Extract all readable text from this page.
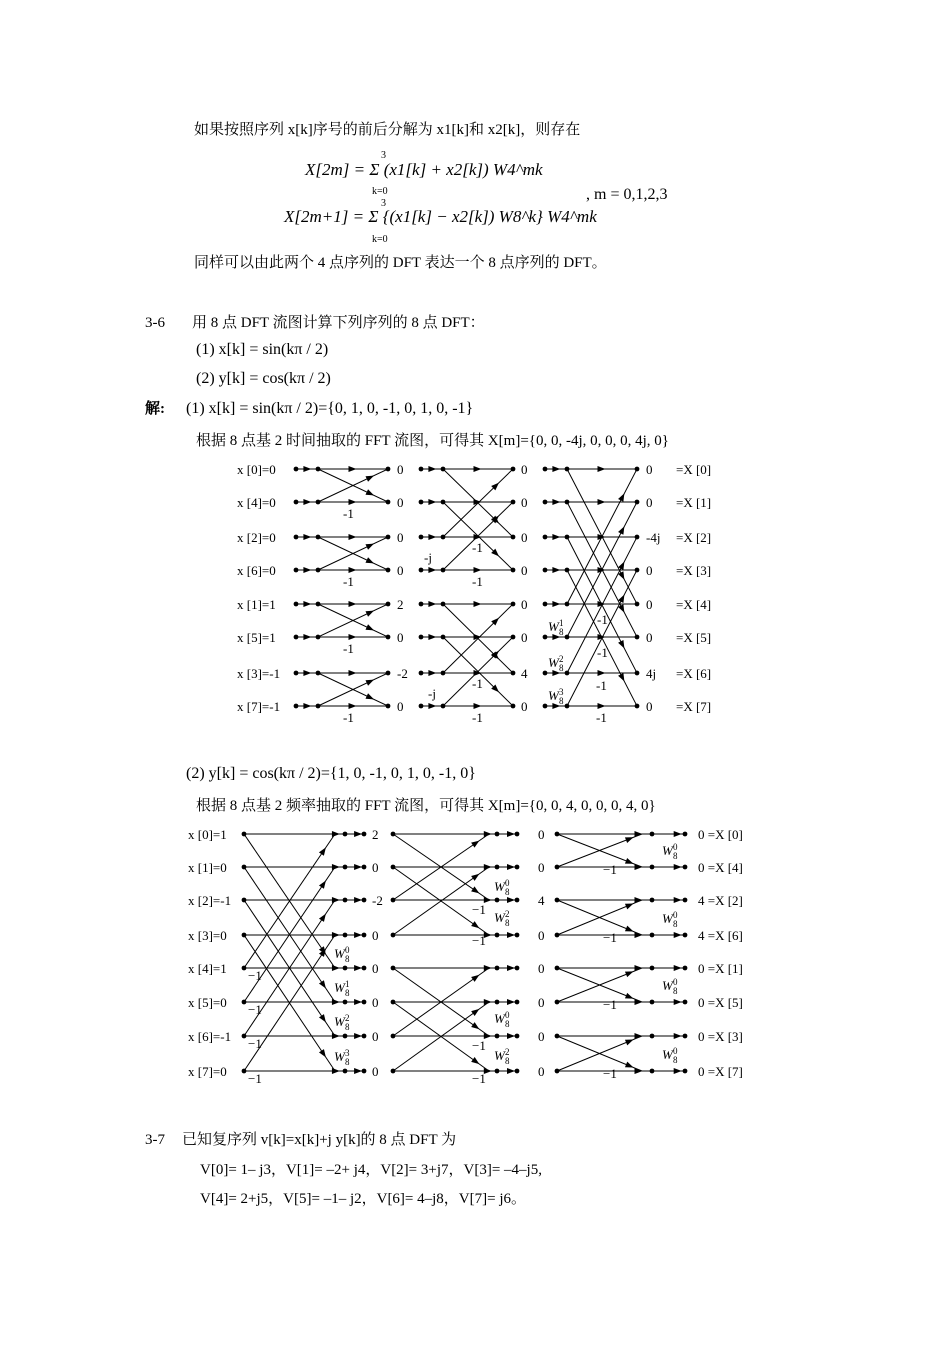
如果按照序列 x[k]序号的前后分解为 x1[k]和 x2[k]，则存在
X[2m] = Σ (x1[k] + x2[k]) W4^mk
3
k=0
X[2m+1] = Σ {(x1[k] − x2[k]) W8^k} W4^mk
3
k=0
, m = 0,1,2,3
同样可以由此两个 4 点序列的 DFT 表达一个 8 点序列的 DFT。
3-6 用 8 点 DFT 流图计算下列序列的 8 点 DFT：
(1) x[k] = sin(kπ / 2)
(2) y[k] = cos(kπ / 2)
解: (1) x[k] = sin(kπ / 2)={0, 1, 0, -1, 0, 1, 0, -1}
根据 8 点基 2 时间抽取的 FFT 流图，可得其 X[m]={0, 0, -4j, 0, 0, 0, 4j, 0}
x [0]=0	0	0	0 =X [0]
x [4]=0	0	0	0 =X [1]
x [2]=0	0	0	-4j =X [2]
x [6]=0	0	0	0 =X [3]
x [1]=1	2	0	0 =X [4]
x [5]=1	0	0	0 =X [5]
x [3]=-1	-2	4	4j =X [6]
x [7]=-1	0	0	0 =X [7]
-1
-1
-1
-1
-1
-1
-1
-1
-j
-j
-1
-1
-1
-1
W 1
8
W 2
8
W 3
8
(2) y[k] = cos(kπ / 2)={1, 0, -1, 0, 1, 0, -1, 0}
根据 8 点基 2 频率抽取的 FFT 流图，可得其 X[m]={0, 0, 4, 0, 0, 0, 4, 0}
x [0]=1	2	0	0 =X [0]
x [1]=0	0	0	0 =X [4]
x [2]=-1	-2	4	4 =X [2]
x [3]=0	0	0	4 =X [6]
x [4]=1	0	0	0 =X [1]
x [5]=0	0	0	0 =X [5]
x [6]=-1	0	0	0 =X [3]
x [7]=0	0	0	0 =X [7]
−1
W 0
8
−1
W 1
8
−1
W 2
8
−1
W 3
8
−1
−1
−1
−1
W 0
8
W 2
8
W 0
8
W 2
8
−1
W 0
8
−1
W 0
8
−1
W 0
8
−1
W 0
8
3-7 已知复序列 v[k]=x[k]+j y[k]的 8 点 DFT 为
V[0]= 1– j3，V[1]= –2+ j4，V[2]= 3+j7，V[3]= –4–j5,
V[4]= 2+j5，V[5]= –1– j2，V[6]= 4–j8，V[7]= j6。
